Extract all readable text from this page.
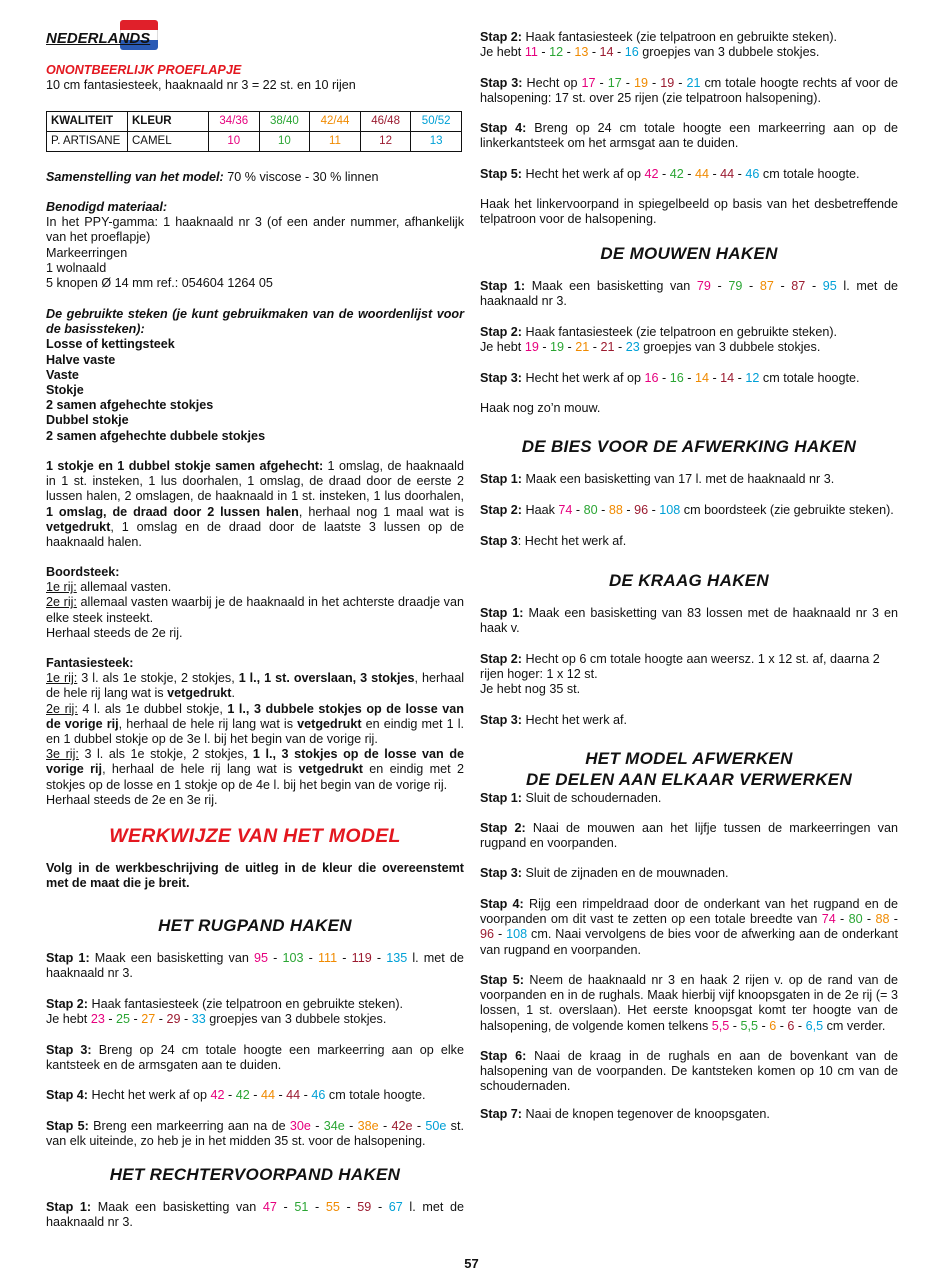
NEDERLANDS
ONONTBEERLIJK PROEFLAPJE
10 cm fantasiesteek, haaknaald nr 3 = 22 st. en 10 rijen
KWALITEIT	KLEUR	34/36	38/40	42/44	46/48	50/52
P. ARTISANE	CAMEL	10	10	11	12	13
Samenstelling van het model: 70 % viscose - 30 % linnen
Benodigd materiaal:
In het PPY-gamma: 1 haaknaald nr 3 (of een ander nummer, afhankelijk van het proeflapje)
Markeerringen
1 wolnaald
5 knopen Ø 14 mm ref.: 054604 1264 05
De gebruikte steken (je kunt gebruikmaken van de woordenlijst voor de basissteken):
Losse of kettingsteek
Halve vaste
Vaste
Stokje
2 samen afgehechte stokjes
Dubbel stokje
2 samen afgehechte dubbele stokjes
1 stokje en 1 dubbel stokje samen afgehecht: 1 omslag, de haaknaald in 1 st. insteken, 1 lus doorhalen, 1 omslag, de draad door de eerste 2 lussen halen, 2 omslagen, de haaknaald in 1 st. insteken, 1 lus doorhalen, 1 omslag, de draad door 2 lussen halen, herhaal nog 1 maal wat is vetgedrukt, 1 omslag en de draad door de laatste 3 lussen op de haaknaald halen.
Boordsteek:
1e rij: allemaal vasten.
2e rij: allemaal vasten waarbij je de haaknaald in het achterste draadje van elke steek insteekt.
Herhaal steeds de 2e rij.
Fantasiesteek:
1e rij: 3 l. als 1e stokje, 2 stokjes, 1 l., 1 st. overslaan, 3 stokjes, herhaal de hele rij lang wat is vetgedrukt.
2e rij: 4 l. als 1e dubbel stokje, 1 l., 3 dubbele stokjes op de losse van de vorige rij, herhaal de hele rij lang wat is vetgedrukt en eindig met 1 l. en 1 dubbel stokje op de 3e l. bij het begin van de vorige rij.
3e rij: 3 l. als 1e stokje, 2 stokjes, 1 l., 3 stokjes op de losse van de vorige rij, herhaal de hele rij lang wat is vetgedrukt en eindig met 2 stokjes op de losse en 1 stokje op de 4e l. bij het begin van de vorige rij.
Herhaal steeds de 2e en 3e rij.
WERKWIJZE VAN HET MODEL
Volg in de werkbeschrijving de uitleg in de kleur die overeenstemt met de maat die je breit.
HET RUGPAND HAKEN
Stap 1: Maak een basisketting van 95 - 103 - 111 - 119 - 135 l. met de haaknaald nr 3.
Stap 2: Haak fantasiesteek (zie telpatroon en gebruikte steken).
Je hebt 23 - 25 - 27 - 29 - 33 groepjes van 3 dubbele stokjes.
Stap 3: Breng op 24 cm totale hoogte een markeerring aan op elke kantsteek en de armsgaten aan te duiden.
Stap 4: Hecht het werk af op 42 - 42 - 44 - 44 - 46 cm totale hoogte.
Stap 5: Breng een markeerring aan na de 30e - 34e - 38e - 42e - 50e st. van elk uiteinde, zo heb je in het midden 35 st. voor de halsopening.
HET RECHTERVOORPAND HAKEN
Stap 1: Maak een basisketting van 47 - 51 - 55 - 59 - 67 l. met de haaknaald nr 3.
Stap 2: Haak fantasiesteek (zie telpatroon en gebruikte steken).
Je hebt 11 - 12 - 13 - 14 - 16 groepjes van 3 dubbele stokjes.
Stap 3: Hecht op 17 - 17 - 19 - 19 - 21 cm totale hoogte rechts af voor de halsopening: 17 st. over 25 rijen (zie telpatroon halsopening).
Stap 4: Breng op 24 cm totale hoogte een markeerring aan op de linkerkantsteek om het armsgat aan te duiden.
Stap 5: Hecht het werk af op 42 - 42 - 44 - 44 - 46 cm totale hoogte.
Haak het linkervoorpand in spiegelbeeld op basis van het desbetreffende telpatroon voor de halsopening.
DE MOUWEN HAKEN
Stap 1: Maak een basisketting van 79 - 79 - 87 - 87 - 95 l. met de haaknaald nr 3.
Stap 2: Haak fantasiesteek (zie telpatroon en gebruikte steken).
Je hebt 19 - 19 - 21 - 21 - 23 groepjes van 3 dubbele stokjes.
Stap 3: Hecht het werk af op 16 - 16 - 14 - 14 - 12 cm totale hoogte.
Haak nog zo’n mouw.
DE BIES VOOR DE AFWERKING HAKEN
Stap 1: Maak een basisketting van 17 l. met de haaknaald nr 3.
Stap 2: Haak 74 - 80 - 88 - 96 - 108 cm boordsteek (zie gebruikte steken).
Stap 3: Hecht het werk af.
DE KRAAG HAKEN
Stap 1: Maak een basisketting van 83 lossen met de haaknaald nr 3 en haak v.
Stap 2: Hecht op 6 cm totale hoogte aan weersz. 1 x 12 st. af, daarna 2 rijen hoger: 1 x 12 st.
Je hebt nog 35 st.
Stap 3: Hecht het werk af.
HET MODEL AFWERKEN
DE DELEN AAN ELKAAR VERWERKEN
Stap 1: Sluit de schoudernaden.
Stap 2: Naai de mouwen aan het lijfje tussen de markeerringen van rugpand en voorpanden.
Stap 3: Sluit de zijnaden en de mouwnaden.
Stap 4: Rijg een rimpeldraad door de onderkant van het rugpand en de voorpanden om dit vast te zetten op een totale breedte van 74 - 80 - 88 - 96 - 108 cm. Naai vervolgens de bies voor de afwerking aan de onderkant van rugpand en voorpanden.
Stap 5: Neem de haaknaald nr 3 en haak 2 rijen v. op de rand van de voorpanden en in de rughals. Maak hierbij vijf knoopsgaten in de 2e rij (= 3 lossen, 1 st. overslaan). Het eerste knoopsgat komt ter hoogte van de halsopening, de volgende komen telkens 5,5 - 5,5 - 6 - 6 - 6,5 cm verder.
Stap 6: Naai de kraag in de rughals en aan de bovenkant van de halsopening van de voorpanden. De kantsteken komen op 10 cm van de schoudernaden.
Stap 7: Naai de knopen tegenover de knoopsgaten.
57
